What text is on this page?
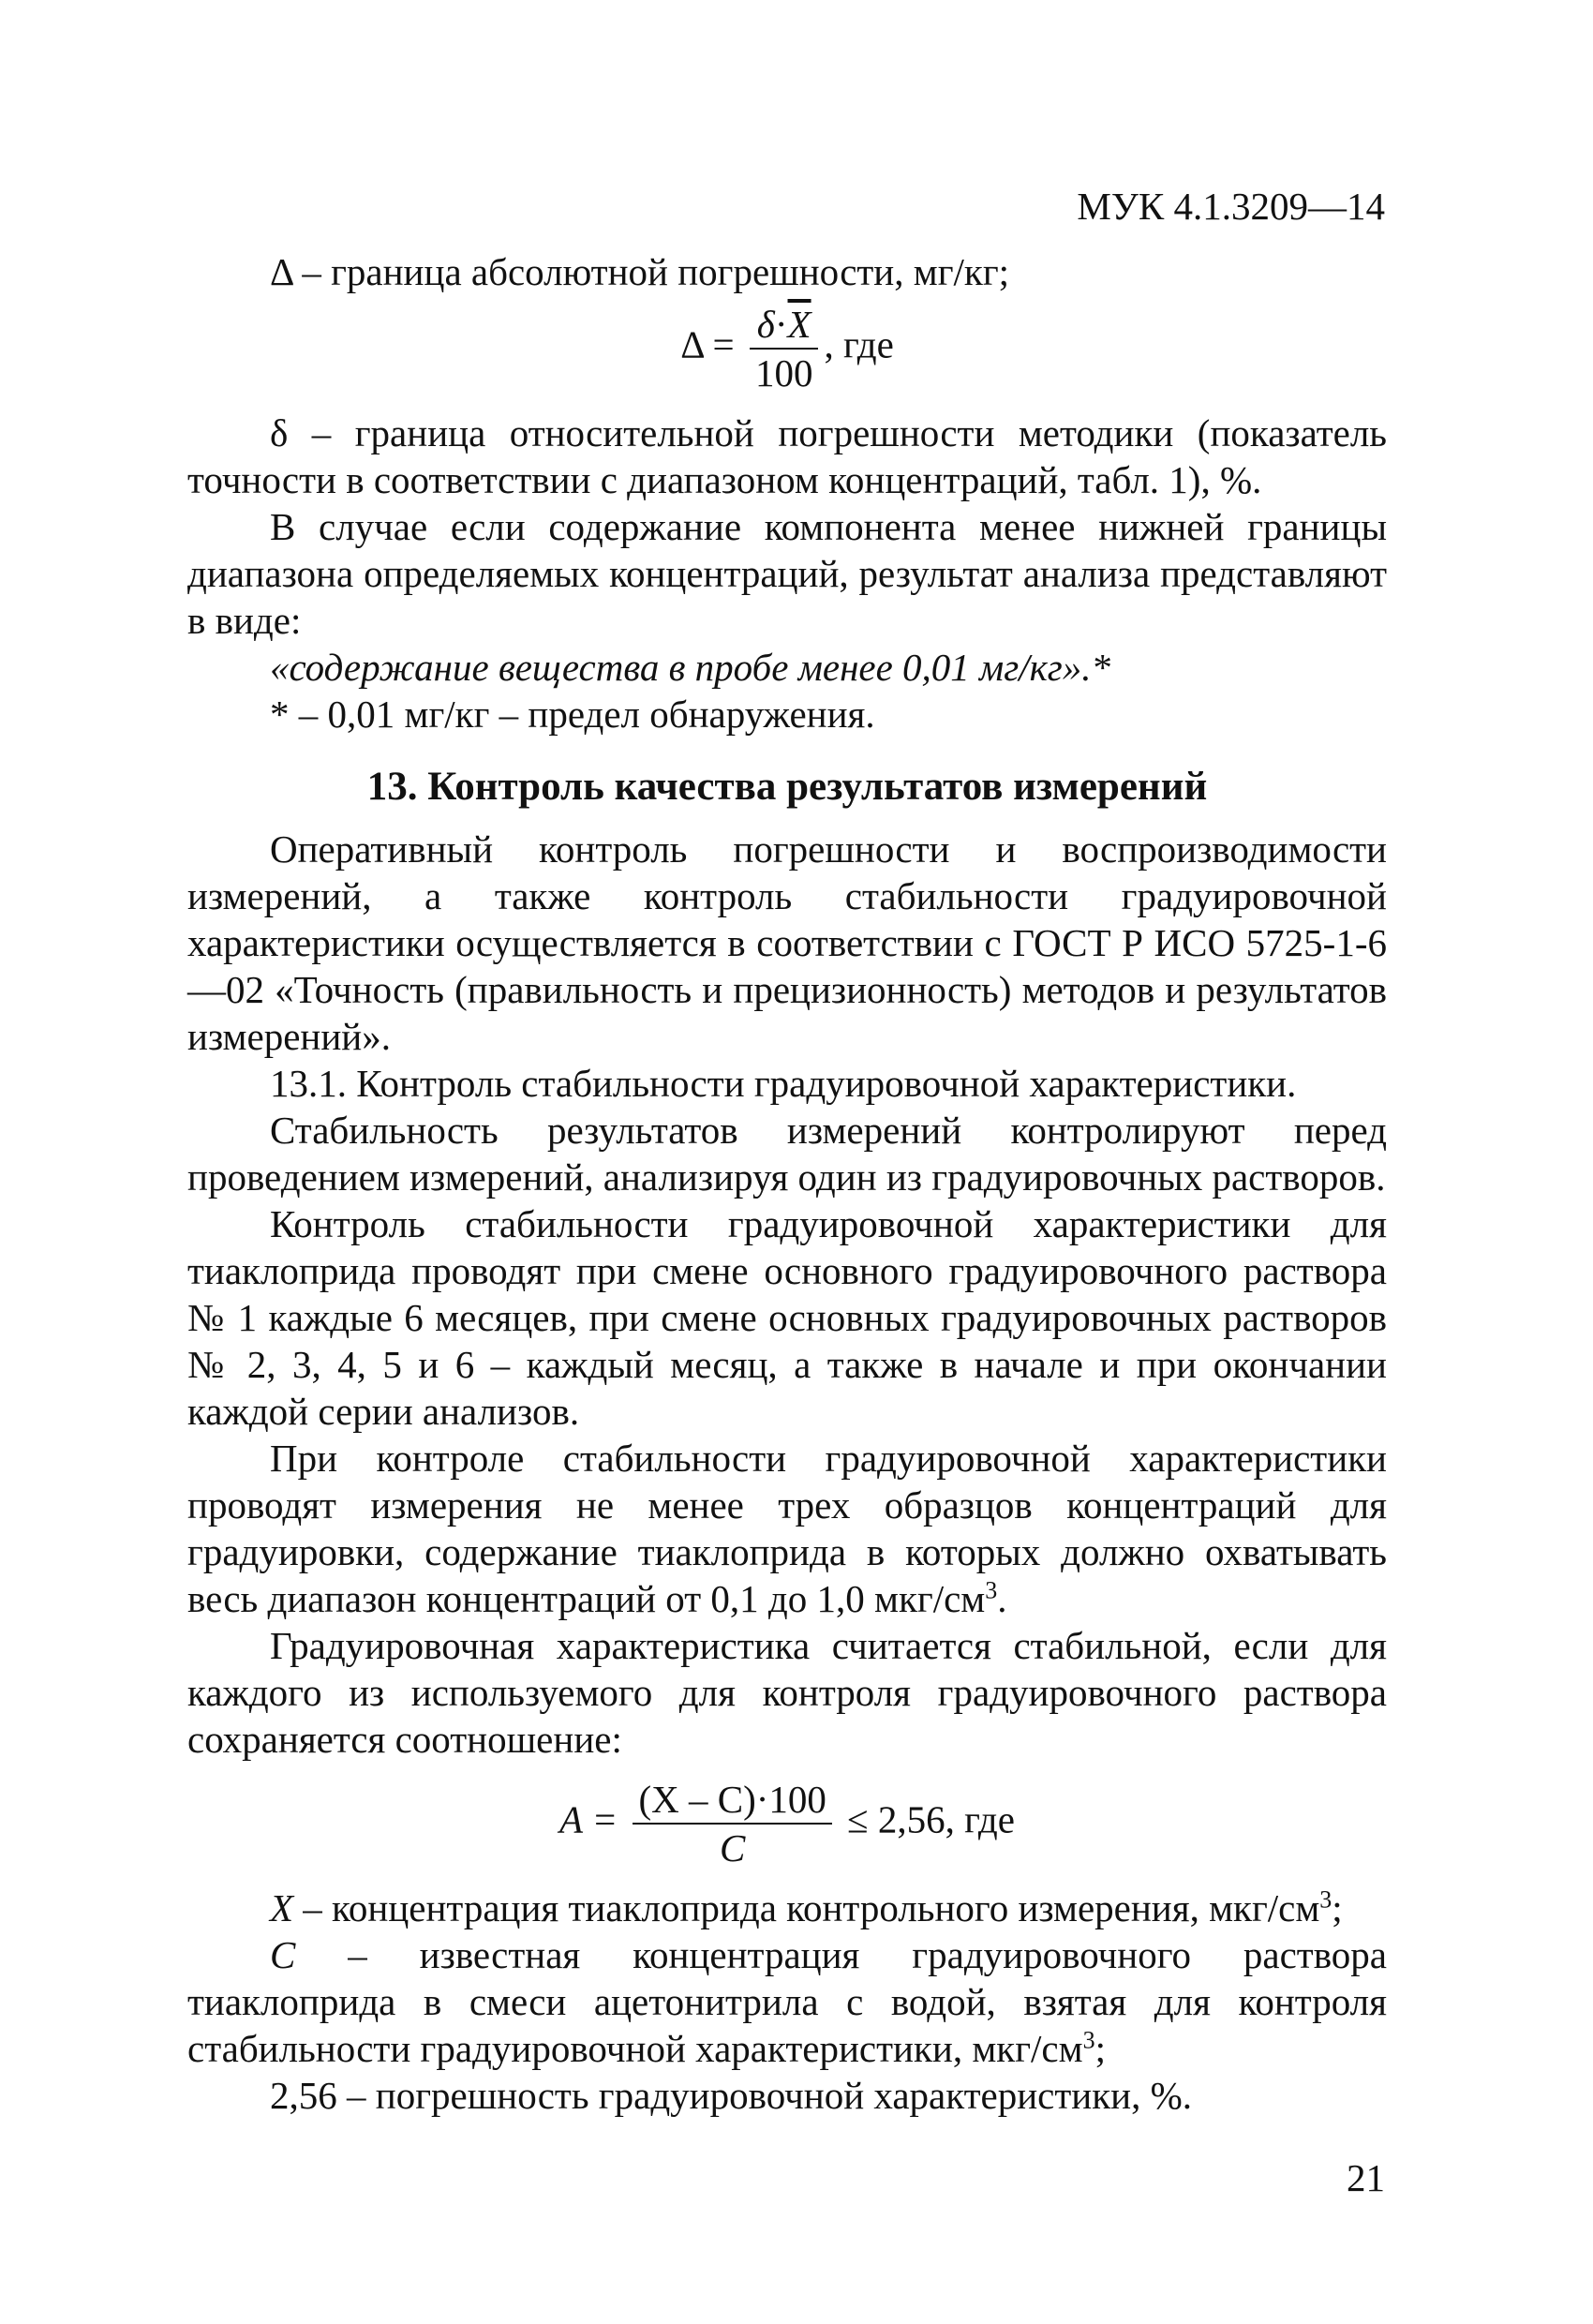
МУК 4.1.3209—14

Δ – граница абсолютной погрешности, мг/кг;

$\Delta = \frac{\delta\cdot\overline{X}}{100}$ , где

δ – граница относительной погрешности методики (показатель точности в соответствии с диапазоном концентраций, табл. 1), %.

В случае если содержание компонента менее нижней границы диапазона определяемых концентраций, результат анализа представляют в виде:

«содержание вещества в пробе менее 0,01 мг/кг».*

* – 0,01 мг/кг – предел обнаружения.

13. Контроль качества результатов измерений

Оперативный контроль погрешности и воспроизводимости измерений, а также контроль стабильности градуировочной характеристики осуществляется в соответствии с ГОСТ Р ИСО 5725-1-6—02 «Точность (правильность и прецизионность) методов и результатов измерений».

13.1. Контроль стабильности градуировочной характеристики.

Стабильность результатов измерений контролируют перед проведением измерений, анализируя один из градуировочных растворов.

Контроль стабильности градуировочной характеристики для тиаклоприда проводят при смене основного градуировочного раствора № 1 каждые 6 месяцев, при смене основных градуировочных растворов № 2, 3, 4, 5 и 6 – каждый месяц, а также в начале и при окончании каждой серии анализов.

При контроле стабильности градуировочной характеристики проводят измерения не менее трех образцов концентраций для градуировки, содержание тиаклоприда в которых должно охватывать весь диапазон концентраций от 0,1 до 1,0 мкг/$см^3$.

Градуировочная характеристика считается стабильной, если для каждого из используемого для контроля градуировочного раствора сохраняется соотношение:

$A = \frac{(X - C)\cdot 100}{C} \le 2,56$, где

X – концентрация тиаклоприда контрольного измерения, мкг/$см^3$;

C – известная концентрация градуировочного раствора тиаклоприда в смеси ацетонитрила с водой, взятая для контроля стабильности градуировочной характеристики, мкг/$см^3$;

2,56 – погрешность градуировочной характеристики, %.

21
